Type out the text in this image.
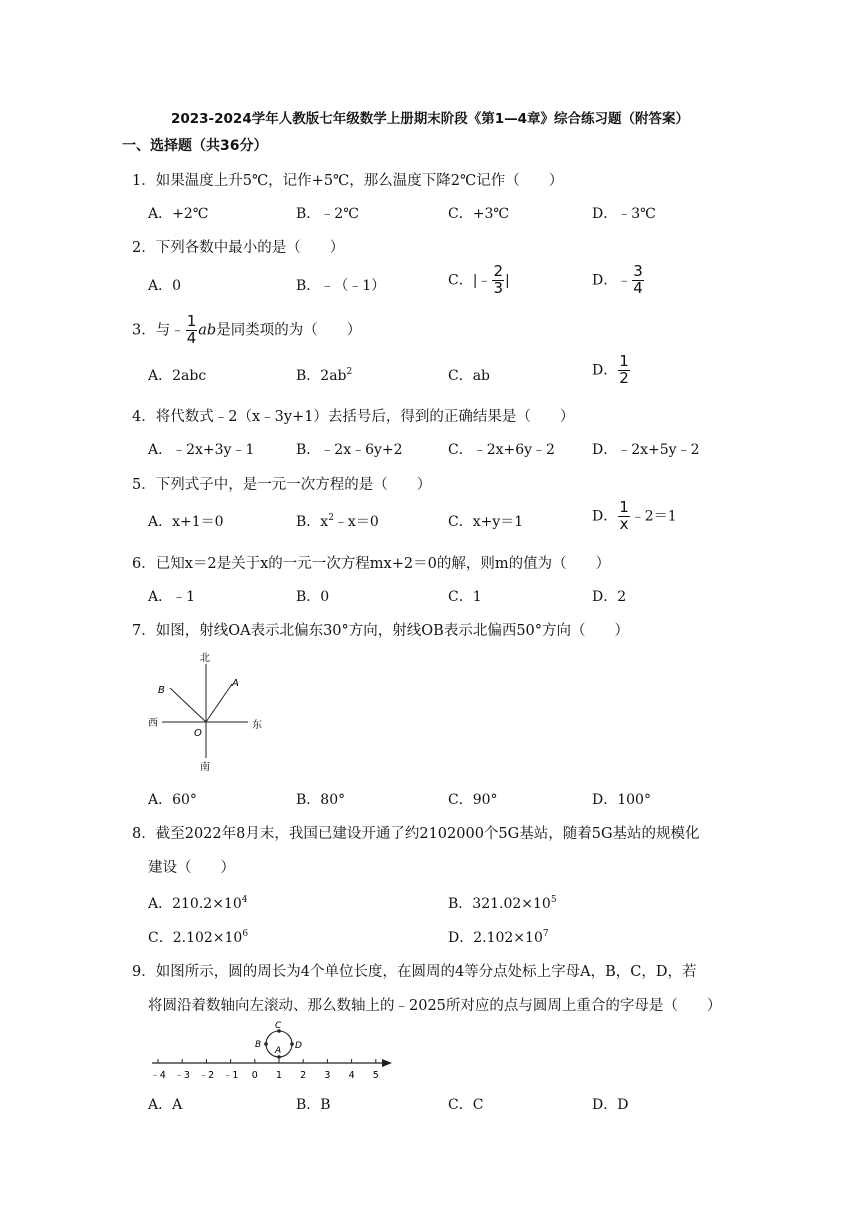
2023-2024学年人教版七年级数学上册期末阶段《第1—4章》综合练习题（附答案）
一、选择题（共36分）
1．如果温度上升5℃，记作+5℃，那么温度下降2℃记作（　　）
A．+2℃	B．﹣2℃	C．+3℃	D．﹣3℃
2．下列各数中最小的是（　　）
A．0	B．﹣（﹣1）	C．|﹣ $\frac{2}{3}$ |	D．﹣ $\frac{3}{4}$
3．与﹣ $\frac{1}{4}$ ab是同类项的为（　　）
A．2abc	B．$2ab^2$	C．ab	D． $\frac{1}{2}$
4．将代数式﹣2（x﹣3y+1）去括号后，得到的正确结果是（　　）
A．﹣2x+3y﹣1	B．﹣2x﹣6y+2	C．﹣2x+6y﹣2	D．﹣2x+5y﹣2
5．下列式子中，是一元一次方程的是（　　）
A．x+1＝0	B．$x^2﹣x=0$	C．x+y＝1	D． $\frac{1}{x}$ ﹣2＝1
6．已知x＝2是关于x的一元一次方程mx+2＝0的解，则m的值为（　　）
A．﹣1	B．0	C．1	D．2
7．如图，射线OA表示北偏东30°方向，射线OB表示北偏西50°方向（　　）
北
南
西	东
O
A
B
A．60°	B．80°	C．90°	D．100°
8．截至2022年8月末，我国已建设开通了约2102000个5G基站，随着5G基站的规模化
建设（　　）
A．$210.2\times 10^4$	B．$321.02\times 10^5$
C．$2.102\times 10^6$	D．$2.102\times 10^7$
9．如图所示，圆的周长为4个单位长度，在圆周的4等分点处标上字母A，B，C，D，若
将圆沿着数轴向左滚动、那么数轴上的﹣2025所对应的点与圆周上重合的字母是（　　）
﹣4 ﹣3 ﹣2 ﹣1 0 1 2 3 4 5
A
B
C
D
A．A	B．B	C．C	D．D
